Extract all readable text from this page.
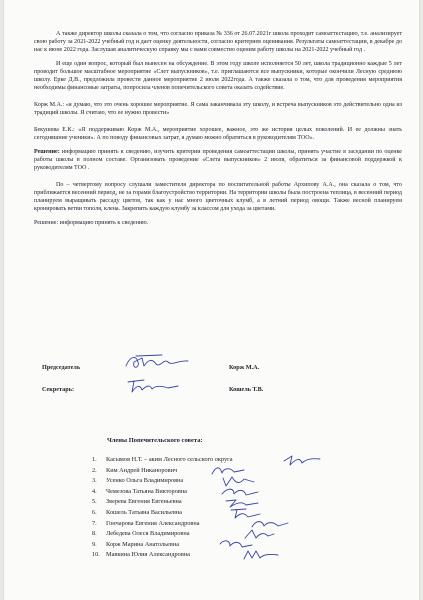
А также директор школы сказала о том, что согласно приказа № 336 от 26.07.2021г школа проходит самоаттестацию, т.е. анализирует свою работу за 2021-2022 учебный год и дает оценку деятельности, согласно критериев оценивания. Результаты самоаттестации, в декабре до нас к июне 2022 года. Заслушав аналитическую справку мы с вами совместно оценим работу школы на 2021-2022 учебный год .

И еще один вопрос, который был вынесен на обсуждение. В этом году школе исполняется 50 лет, школа традиционно каждые 5 лет проводит большое масштабное мероприятие «Слет выпускников», т.е. приглашаются все выпускники, которые окончили Лесную среднюю школу. Ерке Д.В., предложила провести данное мероприятие 2 июля 2022года. А также сказала о том, что для проведения мероприятия необходимы финансовые затраты, попросила членов попечительского совета оказать содействие.

Корж М.А.: «я думаю, что это очень хорошее мероприятие. Я сама заканчивала эту школу, и встреча выпускников это действительно одна из традиций школы. Я считаю, что ее нужно провести»

Бекушева Е.К.: «Я поддерживаю Корж М.А., мероприятие хорошее, важное, это же история целых поколений. И ее должны знать сегодняшние ученики». А по поводу финансовых затрат, я думаю можно обратиться в руководителям ТОО».

Решение: информацию принять к сведению, изучить критерии проведения самоаттестации школы, принять участие в заседании по оценке работы школы в полном составе. Организовать проведение «Слета выпускников» 2 июля, обратиться за финансовой поддержкой к руководителям ТОО .

По – четвертому вопросу слушали заместителя директора по воспитательной работы Архипову А.А., она сказала о том, что приближается весенний период, не за горами благоустройство территории. На территории школы была построена теплица, в весенний период планируем выращивать рассаду цветов, так как у нас много цветочных клумб, а в летний период овощи. Также весной планируем кронировать ветви тополя, клена. Закрепить каждую клумбу за классом для ухода за цветами.

Решение: информацию принять к сведению.

Председатель	Корж М.А.
Секретарь:	Кошель Т.В.
Члены Попечительского совета:
1. Касымов Н.Т. – аким Лесного сельского округа
2. Ким Андрей Никанорович
3. Усенко Ольга Владимировна
4. Чемезова Татьяна Викторовна
5. Зверева Евгения Евгеньевна
6. Кошель Татьяна Васильевна
7. Гончарова Евгения Александровна
8. Лебедева Олеся Владимировна
9. Корж Марина Анатольевна
10. Мавкина Юлия Александровна
